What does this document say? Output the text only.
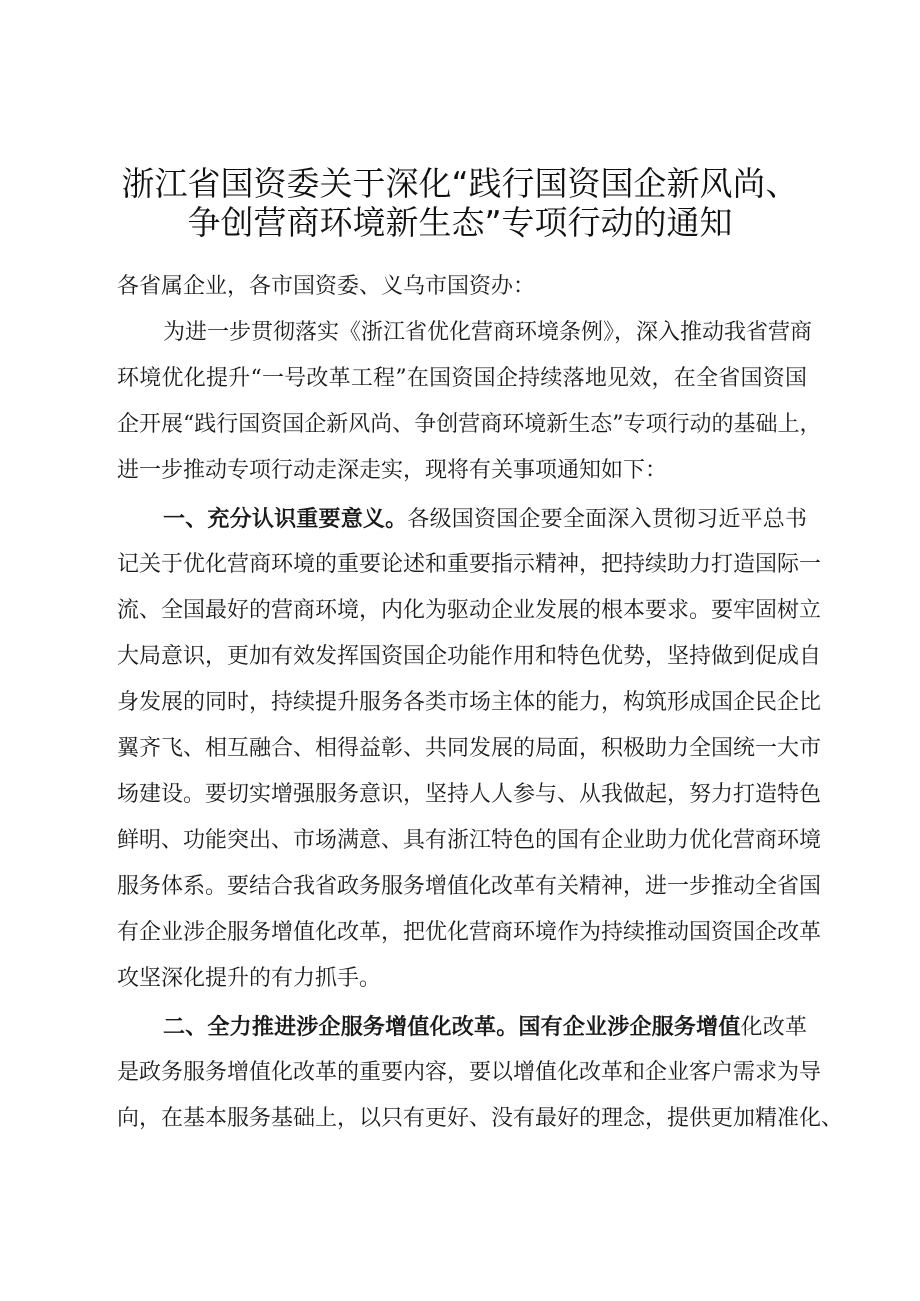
浙江省国资委关于深化“践行国资国企新风尚、
争创营商环境新生态”专项行动的通知
各省属企业，各市国资委、义乌市国资办：
为进一步贯彻落实《浙江省优化营商环境条例》，深入推动我省营商
环境优化提升“一号改革工程”在国资国企持续落地见效，在全省国资国
企开展“践行国资国企新风尚、争创营商环境新生态”专项行动的基础上，
进一步推动专项行动走深走实，现将有关事项通知如下：
一、充分认识重要意义。各级国资国企要全面深入贯彻习近平总书
记关于优化营商环境的重要论述和重要指示精神，把持续助力打造国际一
流、全国最好的营商环境，内化为驱动企业发展的根本要求。要牢固树立
大局意识，更加有效发挥国资国企功能作用和特色优势，坚持做到促成自
身发展的同时，持续提升服务各类市场主体的能力，构筑形成国企民企比
翼齐飞、相互融合、相得益彰、共同发展的局面，积极助力全国统一大市
场建设。要切实增强服务意识，坚持人人参与、从我做起，努力打造特色
鲜明、功能突出、市场满意、具有浙江特色的国有企业助力优化营商环境
服务体系。要结合我省政务服务增值化改革有关精神，进一步推动全省国
有企业涉企服务增值化改革，把优化营商环境作为持续推动国资国企改革
攻坚深化提升的有力抓手。
二、全力推进涉企服务增值化改革。国有企业涉企服务增值化改革
是政务服务增值化改革的重要内容，要以增值化改革和企业客户需求为导
向，在基本服务基础上，以只有更好、没有最好的理念，提供更加精准化、
